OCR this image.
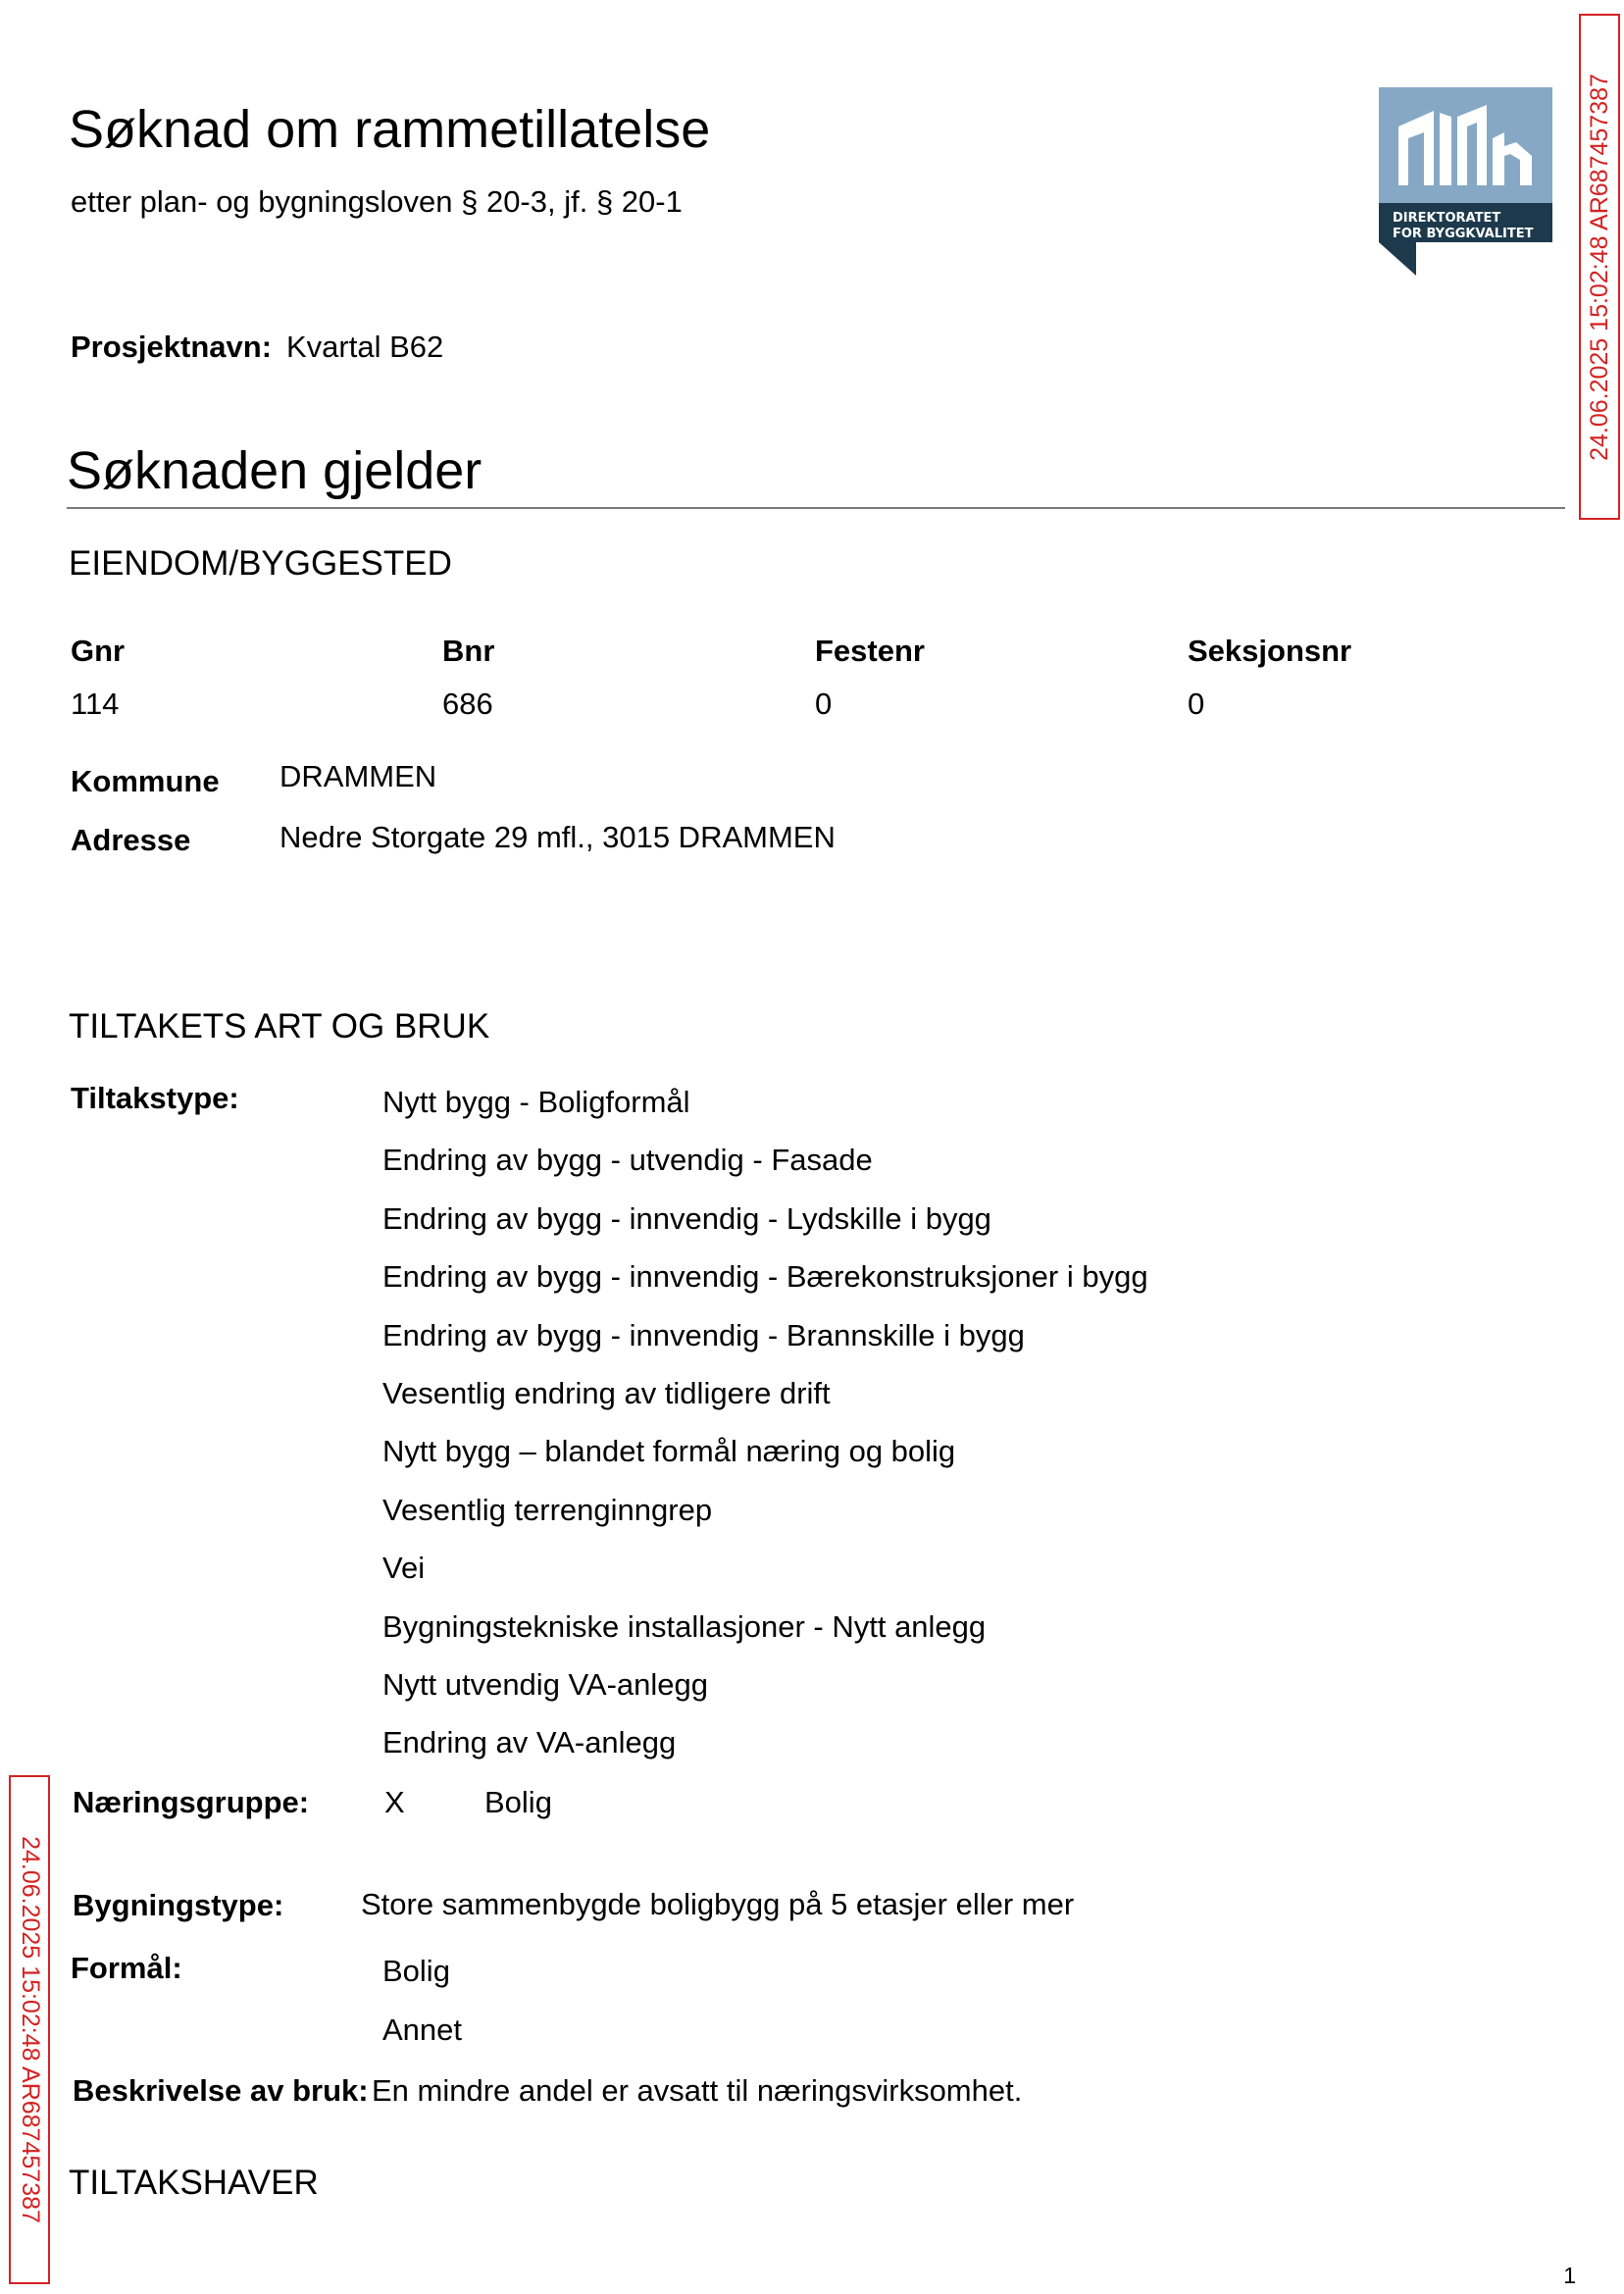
Søknad om rammetillatelse
etter plan- og bygningsloven § 20-3, jf. § 20-1	DIREKTORATET
FOR BYGGKVALITET 24.06.2025 15:02:48 AR687457387
24.06.2025 15:02:48 AR687457387
Prosjektnavn: Kvartal B62
Søknaden gjelder
EIENDOM/BYGGESTED
Gnr	Bnr	Festenr	Seksjonsnr
114	686	0	0
Kommune DRAMMEN
Adresse	Nedre Storgate 29 mfl., 3015 DRAMMEN
TILTAKETS ART OG BRUK
Tiltakstype:	Nytt bygg - Boligformål
Endring av bygg - utvendig - Fasade
Endring av bygg - innvendig - Lydskille i bygg
Endring av bygg - innvendig - Bærekonstruksjoner i bygg
Endring av bygg - innvendig - Brannskille i bygg
Vesentlig endring av tidligere drift
Nytt bygg – blandet formål næring og bolig
Vesentlig terrenginngrep
Vei
Bygningstekniske installasjoner - Nytt anlegg
Nytt utvendig VA-anlegg
Endring av VA-anlegg
Næringsgruppe: X	Bolig
Bygningstype:	Store sammenbygde boligbygg på 5 etasjer eller mer
Formål:	Bolig
Annet
Beskrivelse av bruk: En mindre andel er avsatt til næringsvirksomhet.
TILTAKSHAVER
1
